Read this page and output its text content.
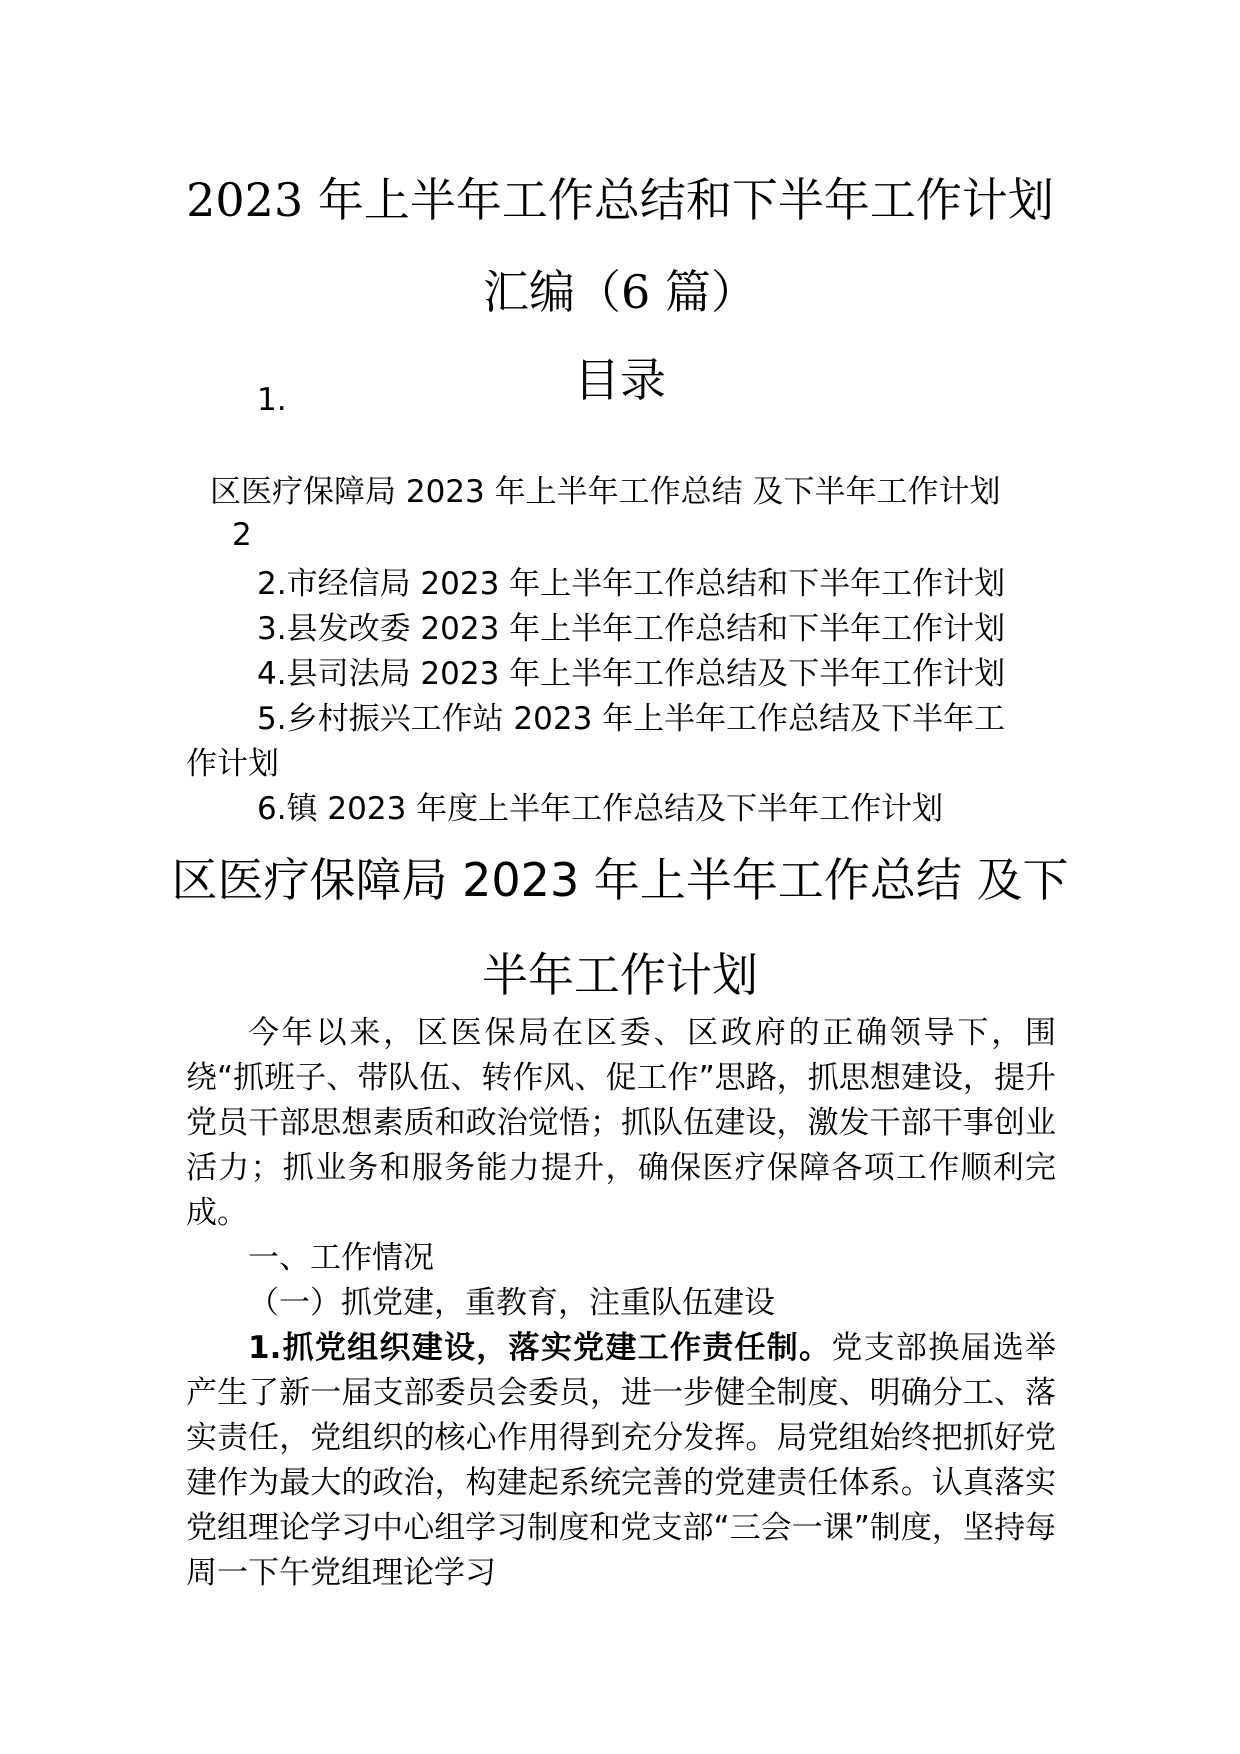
2023 年上半年工作总结和下半年工作计划
汇编（6 篇）
目录
1.
区医疗保障局 2023 年上半年工作总结 及下半年工作计划
2
2.市经信局 2023 年上半年工作总结和下半年工作计划
3.县发改委 2023 年上半年工作总结和下半年工作计划
4.县司法局 2023 年上半年工作总结及下半年工作计划
5.乡村振兴工作站 2023 年上半年工作总结及下半年工
作计划
6.镇 2023 年度上半年工作总结及下半年工作计划
区医疗保障局 2023 年上半年工作总结 及下
半年工作计划

今年以来，区医保局在区委、区政府的正确领导下，围绕“抓班子、带队伍、转作风、促工作”思路，抓思想建设，提升党员干部思想素质和政治觉悟；抓队伍建设，激发干部干事创业活力；抓业务和服务能力提升，确保医疗保障各项工作顺利完成。

一、工作情况

（一）抓党建，重教育，注重队伍建设

1.抓党组织建设，落实党建工作责任制。党支部换届选举产生了新一届支部委员会委员，进一步健全制度、明确分工、落实责任，党组织的核心作用得到充分发挥。局党组始终把抓好党建作为最大的政治，构建起系统完善的党建责任体系。认真落实党组理论学习中心组学习制度和党支部“三会一课”制度，坚持每周一下午党组理论学习
